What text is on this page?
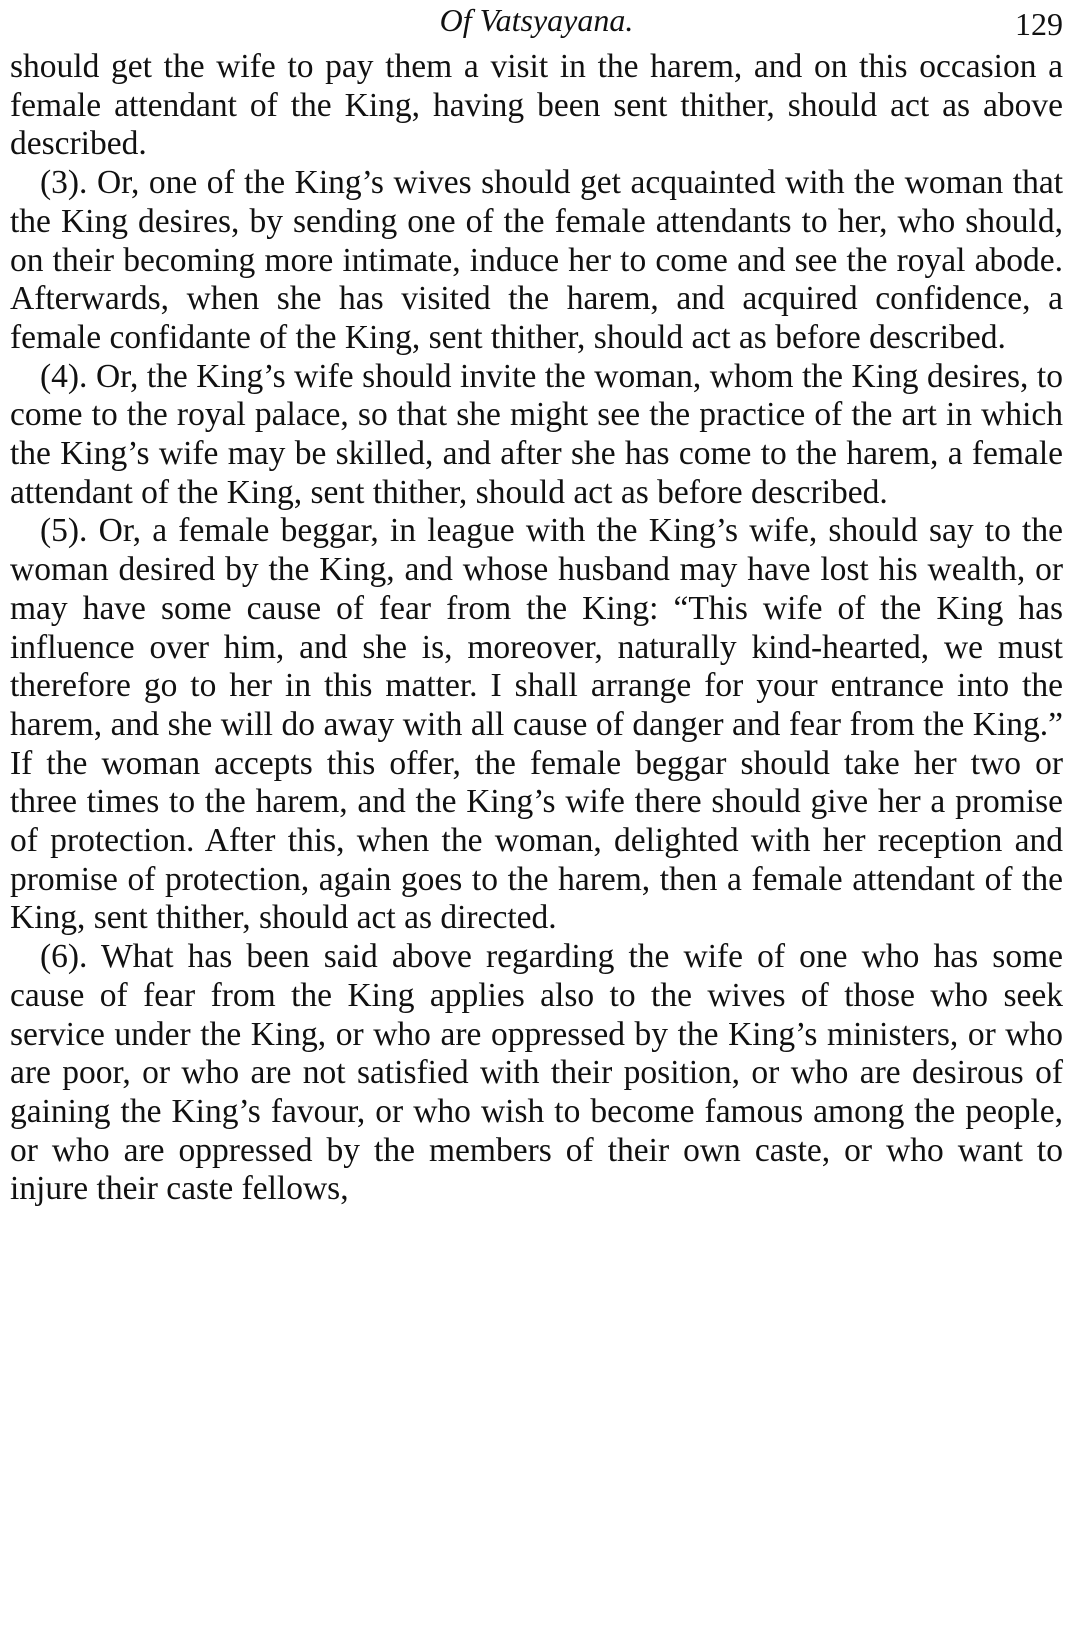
Of Vatsyayana.	129

should get the wife to pay them a visit in the harem, and on this occasion a female attendant of the King, having been sent thither, should act as above described.

(3). Or, one of the King’s wives should get acquainted with the woman that the King desires, by sending one of the female attendants to her, who should, on their becoming more intimate, induce her to come and see the royal abode. Afterwards, when she has visited the harem, and acquired confidence, a female confidante of the King, sent thither, should act as before described.

(4). Or, the King’s wife should invite the woman, whom the King desires, to come to the royal palace, so that she might see the practice of the art in which the King’s wife may be skilled, and after she has come to the harem, a female attendant of the King, sent thither, should act as before described.

(5). Or, a female beggar, in league with the King’s wife, should say to the woman desired by the King, and whose husband may have lost his wealth, or may have some cause of fear from the King: “This wife of the King has influence over him, and she is, moreover, naturally kind-hearted, we must therefore go to her in this matter. I shall arrange for your entrance into the harem, and she will do away with all cause of danger and fear from the King.” If the woman accepts this offer, the female beggar should take her two or three times to the harem, and the King’s wife there should give her a promise of protection. After this, when the woman, delighted with her reception and promise of protection, again goes to the harem, then a female attendant of the King, sent thither, should act as directed.

(6). What has been said above regarding the wife of one who has some cause of fear from the King applies also to the wives of those who seek service under the King, or who are oppressed by the King’s ministers, or who are poor, or who are not satisfied with their position, or who are desirous of gaining the King’s favour, or who wish to become famous among the people, or who are oppressed by the members of their own caste, or who want to injure their caste fellows,
